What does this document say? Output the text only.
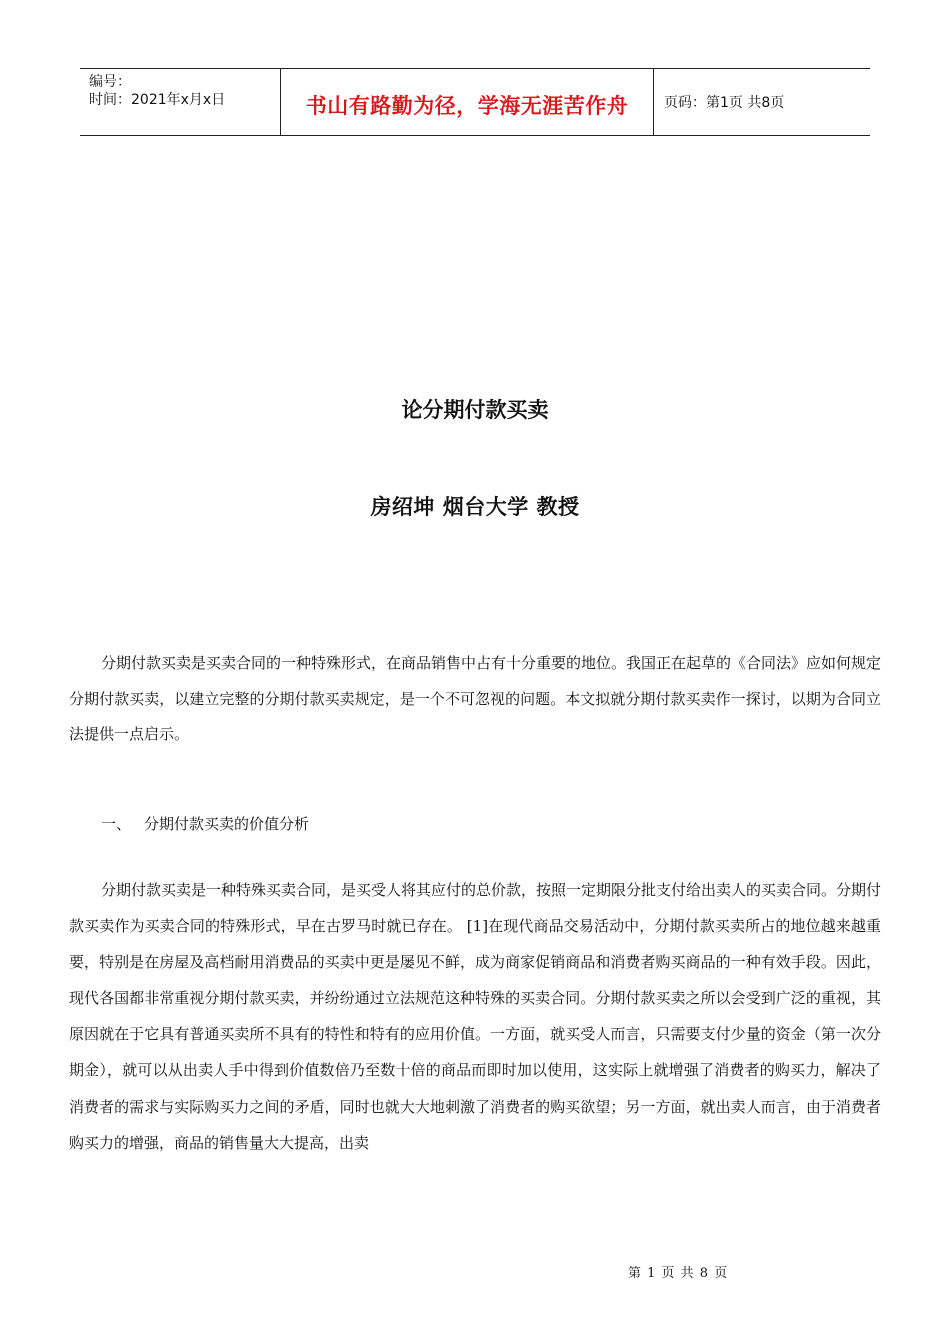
编号：
时间：2021年x月x日	书山有路勤为径，学海无涯苦作舟	页码：第1页 共8页
论分期付款买卖
房绍坤 烟台大学 教授

分期付款买卖是买卖合同的一种特殊形式，在商品销售中占有十分重要的地位。我国正在起草的《合同法》应如何规定分期付款买卖，以建立完整的分期付款买卖规定，是一个不可忽视的问题。本文拟就分期付款买卖作一探讨，以期为合同立法提供一点启示。

一、 分期付款买卖的价值分析

分期付款买卖是一种特殊买卖合同，是买受人将其应付的总价款，按照一定期限分批支付给出卖人的买卖合同。分期付款买卖作为买卖合同的特殊形式，早在古罗马时就已存在。 [1]在现代商品交易活动中，分期付款买卖所占的地位越来越重要，特别是在房屋及高档耐用消费品的买卖中更是屡见不鲜，成为商家促销商品和消费者购买商品的一种有效手段。因此，现代各国都非常重视分期付款买卖，并纷纷通过立法规范这种特殊的买卖合同。分期付款买卖之所以会受到广泛的重视，其原因就在于它具有普通买卖所不具有的特性和特有的应用价值。一方面，就买受人而言，只需要支付少量的资金（第一次分期金），就可以从出卖人手中得到价值数倍乃至数十倍的商品而即时加以使用，这实际上就增强了消费者的购买力，解决了消费者的需求与实际购买力之间的矛盾，同时也就大大地刺激了消费者的购买欲望；另一方面，就出卖人而言，由于消费者购买力的增强，商品的销售量大大提高，出卖

第 1 页 共 8 页
